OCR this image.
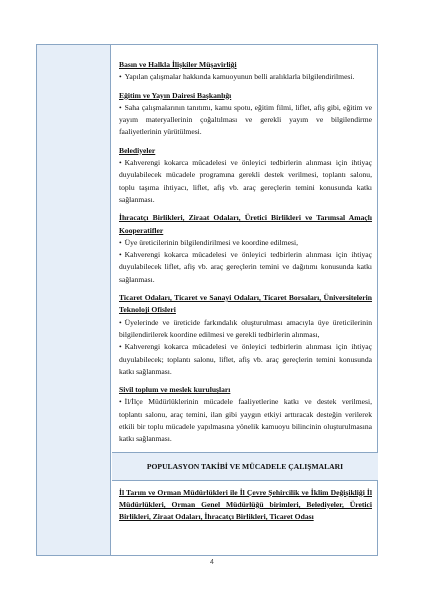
Basın ve Halkla İlişkiler Müşavirliği
• Yapılan çalışmalar hakkında kamuoyunun belli aralıklarla bilgilendirilmesi.
Eğitim ve Yayın Dairesi Başkanlığı
• Saha çalışmalarının tanıtımı, kamu spotu, eğitim filmi, liflet, afiş gibi, eğitim ve yayım materyallerinin çoğaltılması ve gerekli yayım ve bilgilendirme faaliyetlerinin yürütülmesi.
Belediyeler
• Kahverengi kokarca mücadelesi ve önleyici tedbirlerin alınması için ihtiyaç duyulabilecek mücadele programına gerekli destek verilmesi, toplantı salonu, toplu taşıma ihtiyacı, liflet, afiş vb. araç gereçlerin temini konusunda katkı sağlanması.
İhracatçı Birlikleri, Ziraat Odaları, Üretici Birlikleri ve Tarımsal Amaçlı Kooperatifler
• Üye üreticilerinin bilgilendirilmesi ve koordine edilmesi,
• Kahverengi kokarca mücadelesi ve önleyici tedbirlerin alınması için ihtiyaç duyulabilecek liflet, afiş vb. araç gereçlerin temini ve dağıtımı konusunda katkı sağlanması.
Ticaret Odaları, Ticaret ve Sanayi Odaları, Ticaret Borsaları, Üniversitelerin Teknoloji Ofisleri
• Üyelerinde ve üreticide farkındalık oluşturulması amacıyla üye üreticilerinin bilgilendirilerek koordine edilmesi ve gerekli tedbirlerin alınması,
• Kahverengi kokarca mücadelesi ve önleyici tedbirlerin alınması için ihtiyaç duyulabilecek; toplantı salonu, liflet, afiş vb. araç gereçlerin temini konusunda katkı sağlanması.
Sivil toplum ve meslek kuruluşları
• İl/İlçe Müdürlüklerinin mücadele faaliyetlerine katkı ve destek verilmesi, toplantı salonu, araç temini, ilan gibi yaygın etkiyi arttıracak desteğin verilerek etkili bir toplu mücadele yapılmasına yönelik kamuoyu bilincinin oluşturulmasına katkı sağlanması.
POPULASYON TAKİBİ VE MÜCADELE ÇALIŞMALARI
İl Tarım ve Orman Müdürlükleri ile İl Çevre Şehircilik ve İklim Değişikliği İl Müdürlükleri, Orman Genel Müdürlüğü birimleri, Belediyeler, Üretici Birlikleri, Ziraat Odaları, İhracatçı Birlikleri, Ticaret Odası
4
